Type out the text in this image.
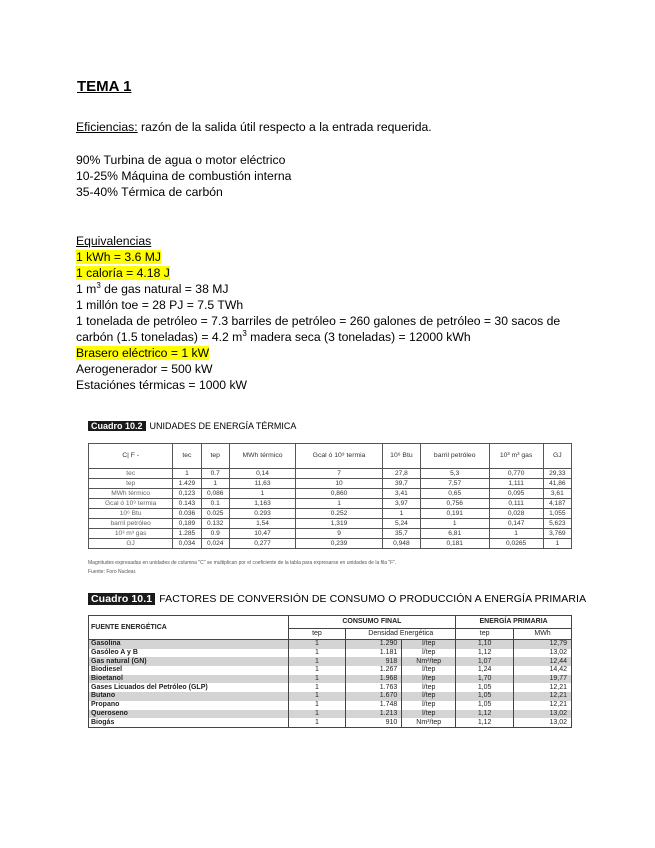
TEMA 1
Eficiencias: razón de la salida útil respecto a la entrada requerida.
90% Turbina de agua o motor eléctrico
10-25% Máquina de combustión interna
35-40% Térmica de carbón
Equivalencias
1 kWh = 3.6 MJ
1 caloría = 4.18 J
1 $m^3$ de gas natural = 38 MJ
1 millón toe = 28 PJ = 7.5 TWh
1 tonelada de petróleo = 7.3 barriles de petróleo = 260 galones de petróleo = 30 sacos de
carbón (1.5 toneladas) = 4.2 $m^3$ madera seca (3 toneladas) = 12000 kWh
Brasero eléctrico = 1 kW
Aerogenerador = 500 kW
Estaciónes térmicas = 1000 kW
Cuadro 10.2 UNIDADES DE ENERGÍA TÉRMICA
C| F -	tec	tep	MWh térmico	Gcal ó 10⁹ termia	10⁶ Btu	barril petróleo	10³ m³ gas	GJ
tec	1	0.7	0,14	7	27,8	5,3	0,770	29,33
tep	1.429	1	11,63	10	39,7	7,57	1,111	41,86
MWh térmico	0,123	0,086	1	0,860	3,41	0,65	0,095	3,61
Gcal ó 10⁹ termia	0.143	0.1	1,163	1	3,97	0,756	0,111	4,187
10⁶ Btu	0.036	0.025	0.293	0.252	1	0,191	0,028	1,055
barril petróleo	0,189	0.132	1,54	1,319	5,24	1	0,147	5,623
10³ m³ gas	1.285	0.9	10,47	9	35,7	6,81	1	3,769
GJ	0,034	0,024	0,277	0,239	0,948	0,181	0,0265	1
Magnitudes expresadas en unidades de columna "C" se multiplican por el coeficiente de la tabla para expresarse en unidades de la fila "F".
Fuente: Foro Nuclear.
Cuadro 10.1 FACTORES DE CONVERSIÓN DE CONSUMO O PRODUCCIÓN A ENERGÍA PRIMARIA
FUENTE ENERGÉTICA	CONSUMO FINAL			ENERGÍA PRIMARIA	
	tep	Densidad Energética		tep	MWh
Gasolina	1	1.290	l/tep	1,10	12,79
Gasóleo A y B	1	1.181	l/tep	1,12	13,02
Gas natural (GN)	1	918	Nm³/tep	1,07	12,44
Biodiesel	1	1.267	l/tep	1,24	14,42
Bioetanol	1	1.968	l/tep	1,70	19,77
Gases Licuados del Petróleo (GLP)	1	1.763	l/tep	1,05	12,21
Butano	1	1.670	l/tep	1,05	12,21
Propano	1	1.748	l/tep	1,05	12,21
Queroseno	1	1.213	l/tep	1,12	13,02
Biogás	1	910	Nm³/tep	1,12	13,02
